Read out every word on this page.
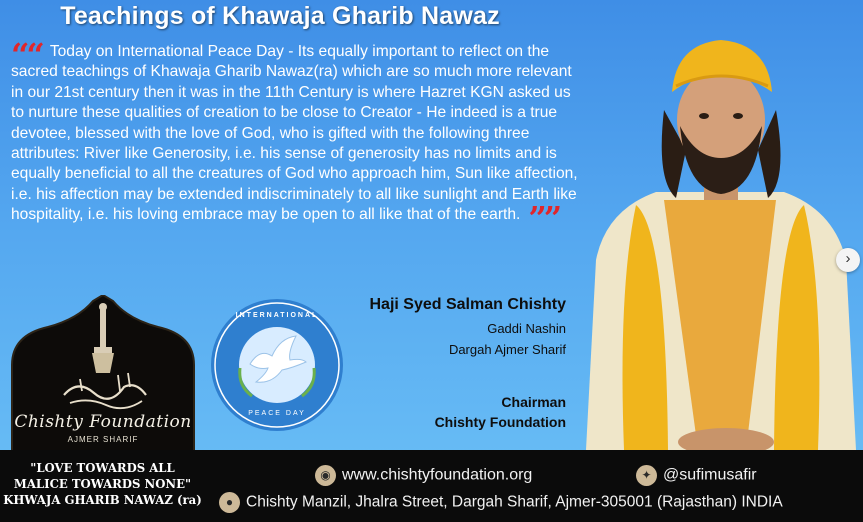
Teachings of Khawaja Gharib Nawaz
““ Today on International Peace Day - Its equally important to reflect on the sacred teachings of Khawaja Gharib Nawaz(ra) which are so much more relevant in our 21st century then it was in the 11th Century is where Hazret KGN asked us to nurture these qualities of creation to be close to Creator - He indeed is a true devotee, blessed with the love of God, who is gifted with the following three attributes: River like Generosity, i.e. his sense of generosity has no limits and is equally beneficial to all the creatures of God who approach him, Sun like affection, i.e. his affection may be extended indiscriminately to all like sunlight and Earth like hospitality, i.e. his loving embrace may be open to all like that of the earth. ””
Chishty Foundation
AJMER SHARIF
INTERNATIONAL
PEACE DAY
Haji Syed Salman Chishty
Gaddi Nashin
Dargah Ajmer Sharif
Chairman
Chishty Foundation
›
"LOVE TOWARDS ALL
MALICE TOWARDS NONE"
KHWAJA GHARIB NAWAZ (ra)
◉ www.chishtyfoundation.org	✦ @sufimusafir
● Chishty Manzil, Jhalra Street, Dargah Sharif, Ajmer-305001 (Rajasthan) INDIA
